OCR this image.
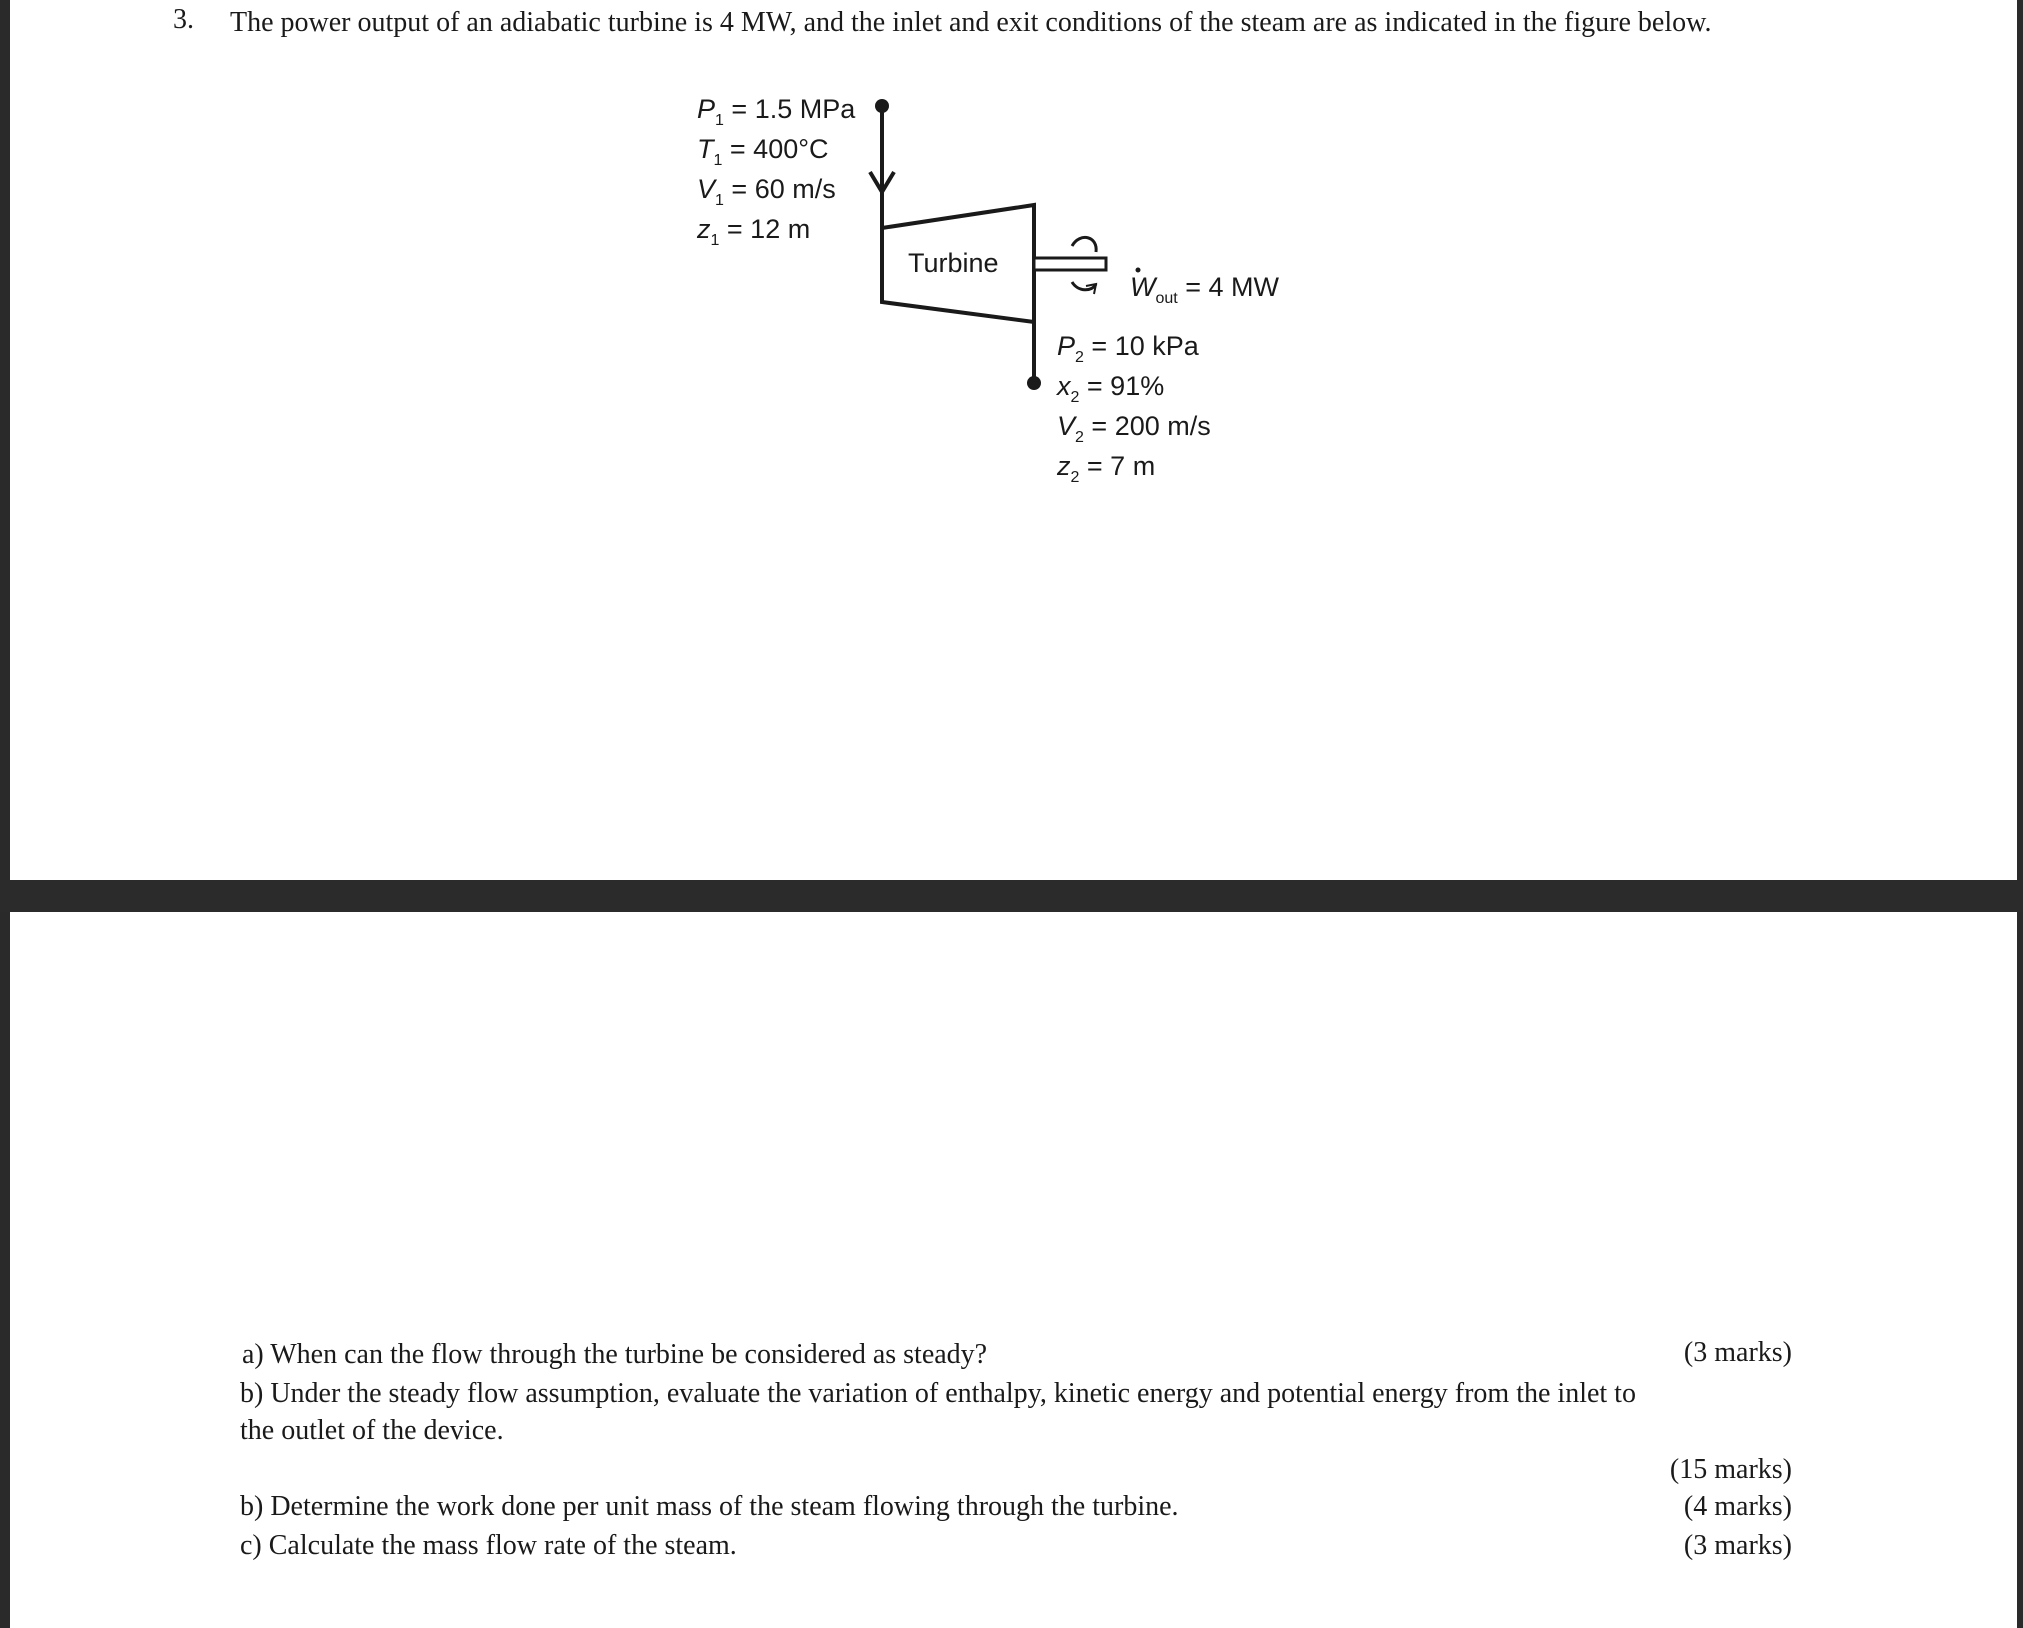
3. The power output of an adiabatic turbine is 4 MW, and the inlet and exit conditions of the steam are as indicated in the figure below.
$P_1 = 1.5$ MPa
$T_1 = 400^\circ C$
$V_1 = 60$ m/s
$z_1 = 12$ m
Turbine
$W_{out} = 4$ MW
$P_2 = 10$ kPa
$x_2 = 91\%$
$V_2 = 200$ m/s
$z_2 = 7$ m
a) When can the flow through the turbine be considered as steady?	(3 marks)
b) Under the steady flow assumption, evaluate the variation of enthalpy, kinetic energy and potential energy from the inlet to
the outlet of the device.
(15 marks)
b) Determine the work done per unit mass of the steam flowing through the turbine.	(4 marks)
c) Calculate the mass flow rate of the steam.	(3 marks)
